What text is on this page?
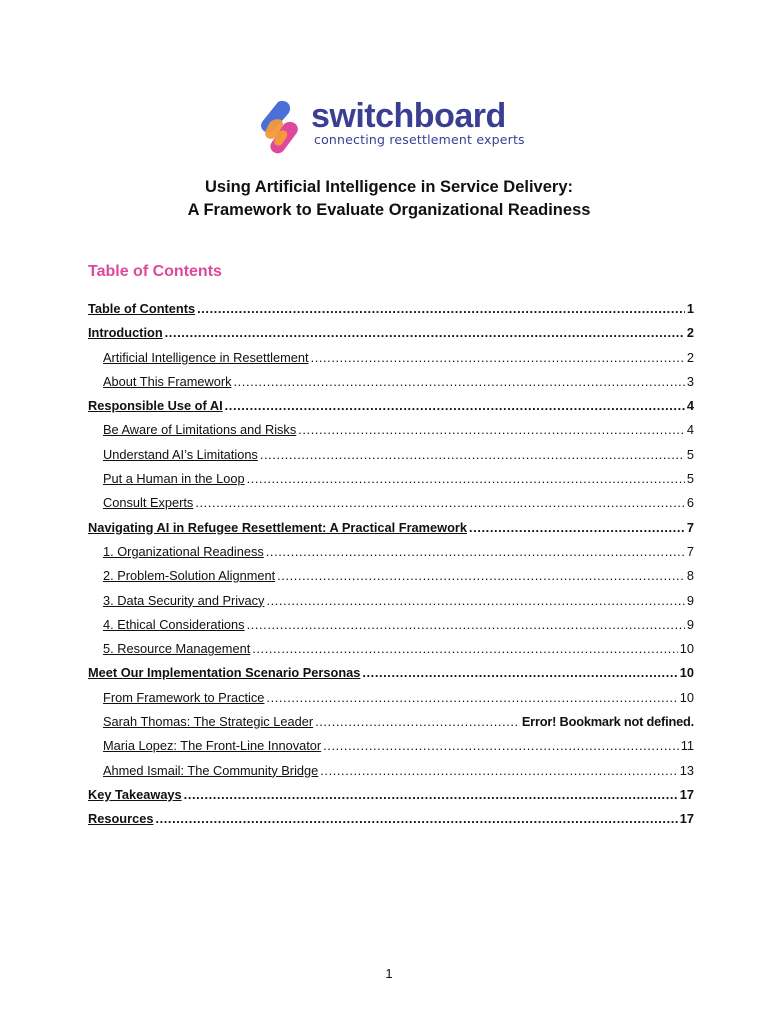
switchboard
connecting resettlement experts
Using Artificial Intelligence in Service Delivery:
A Framework to Evaluate Organizational Readiness
Table of Contents
Table of Contents .....	1
Introduction .....	2
Artificial Intelligence in Resettlement .....	2
About This Framework .....	3
Responsible Use of AI .....	4
Be Aware of Limitations and Risks .....	4
Understand AI’s Limitations .....	5
Put a Human in the Loop .....	5
Consult Experts .....	6
Navigating AI in Refugee Resettlement: A Practical Framework .....	7
1. Organizational Readiness .....	7
2. Problem-Solution Alignment .....	8
3. Data Security and Privacy .....	9
4. Ethical Considerations .....	9
5. Resource Management .....	10
Meet Our Implementation Scenario Personas .....	10
From Framework to Practice .....	10
Sarah Thomas: The Strategic Leader .....	Error! Bookmark not defined.
Maria Lopez: The Front-Line Innovator .....	11
Ahmed Ismail: The Community Bridge .....	13
Key Takeaways .....	17
Resources .....	17
1
